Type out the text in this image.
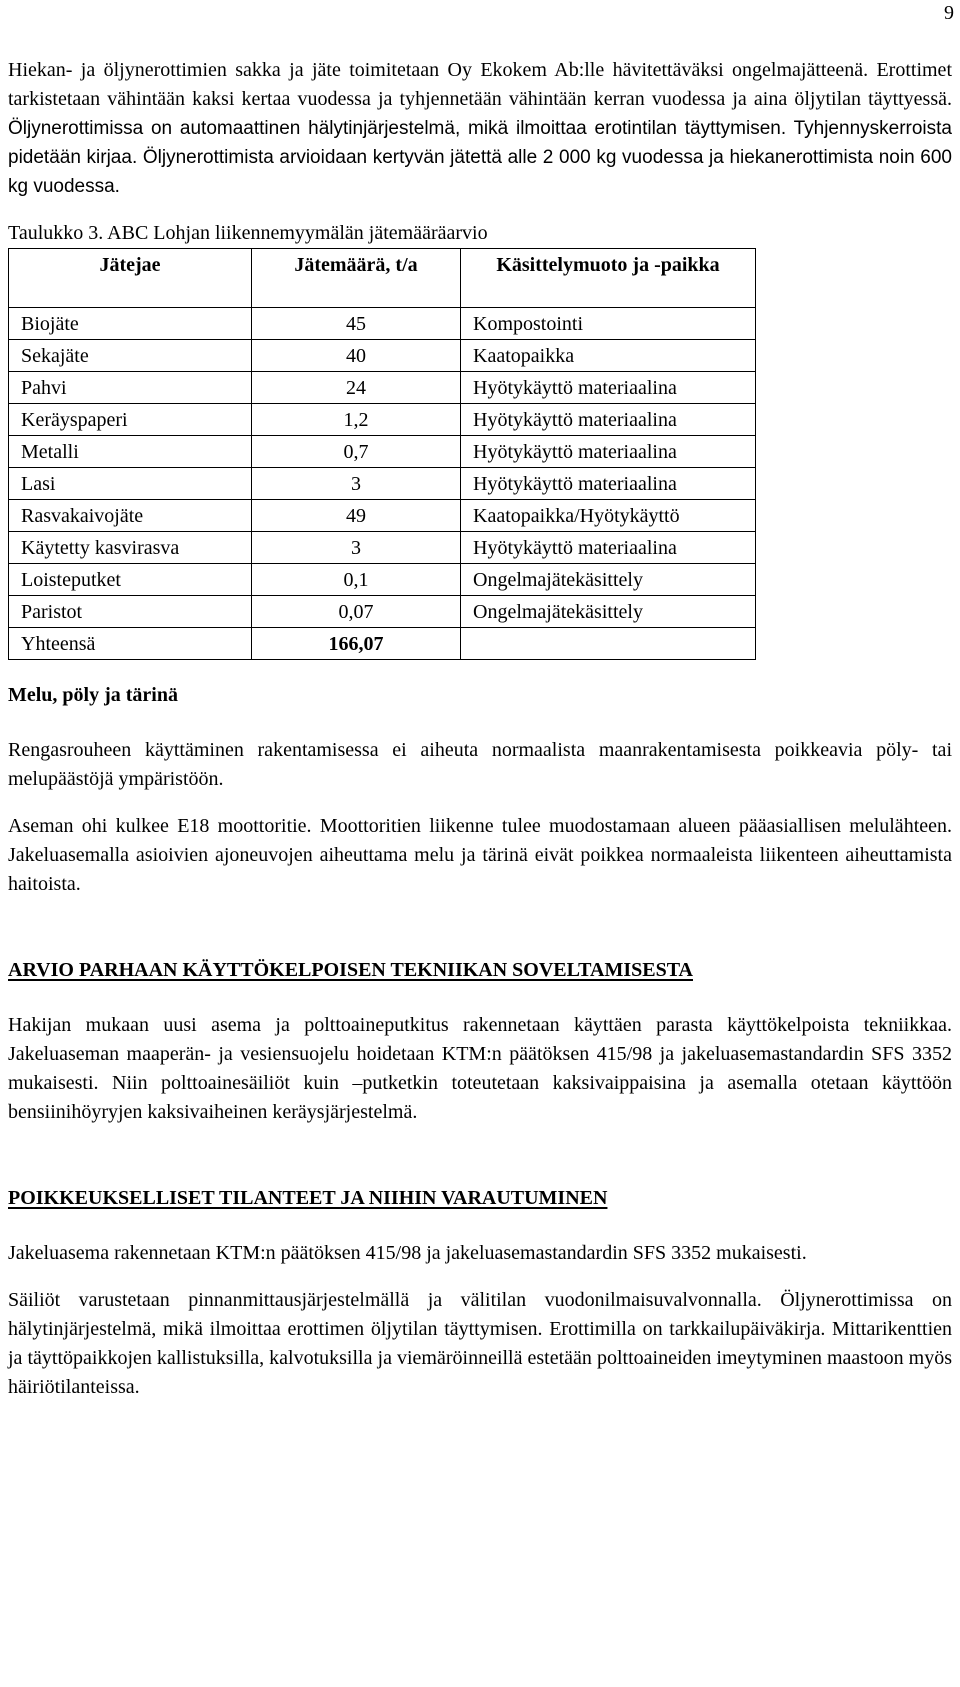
9

Hiekan- ja öljynerottimien sakka ja jäte toimitetaan Oy Ekokem Ab:lle hävitettäväksi ongelmajätteenä. Erottimet tarkistetaan vähintään kaksi kertaa vuodessa ja tyhjennetään vähintään kerran vuodessa ja aina öljytilan täyttyessä. Öljynerottimissa on automaattinen hälytinjärjestelmä, mikä ilmoittaa erotintilan täyttymisen. Tyhjennyskerroista pidetään kirjaa. Öljynerottimista arvioidaan kertyvän jätettä alle 2 000 kg vuodessa ja hiekanerottimista noin 600 kg vuodessa.

Taulukko 3. ABC Lohjan liikennemyymälän jätemääräarvio
Jätejae	Jätemäärä, t/a	Käsittelymuoto ja -paikka
Biojäte	45	Kompostointi
Sekajäte	40	Kaatopaikka
Pahvi	24	Hyötykäyttö materiaalina
Keräyspaperi	1,2	Hyötykäyttö materiaalina
Metalli	0,7	Hyötykäyttö materiaalina
Lasi	3	Hyötykäyttö materiaalina
Rasvakaivojäte	49	Kaatopaikka/Hyötykäyttö
Käytetty kasvirasva	3	Hyötykäyttö materiaalina
Loisteputket	0,1	Ongelmajätekäsittely
Paristot	0,07	Ongelmajätekäsittely
Yhteensä	166,07	
Melu, pöly ja tärinä

Rengasrouheen käyttäminen rakentamisessa ei aiheuta normaalista maanrakentamisesta poikkeavia pöly- tai melupäästöjä ympäristöön.

Aseman ohi kulkee E18 moottoritie. Moottoritien liikenne tulee muodostamaan alueen pääasiallisen melulähteen. Jakeluasemalla asioivien ajoneuvojen aiheuttama melu ja tärinä eivät poikkea normaaleista liikenteen aiheuttamista haitoista.

ARVIO PARHAAN KÄYTTÖKELPOISEN TEKNIIKAN SOVELTAMISESTA

Hakijan mukaan uusi asema ja polttoaineputkitus rakennetaan käyttäen parasta käyttökelpoista tekniikkaa. Jakeluaseman maaperän- ja vesiensuojelu hoidetaan KTM:n päätöksen 415/98 ja jakeluasemastandardin SFS 3352 mukaisesti. Niin polttoainesäiliöt kuin –putketkin toteutetaan kaksivaippaisina ja asemalla otetaan käyttöön bensiinihöyryjen kaksivaiheinen keräysjärjestelmä.

POIKKEUKSELLISET TILANTEET JA NIIHIN VARAUTUMINEN

Jakeluasema rakennetaan KTM:n päätöksen 415/98 ja jakeluasemastandardin SFS 3352 mukaisesti.

Säiliöt varustetaan pinnanmittausjärjestelmällä ja välitilan vuodonilmaisuvalvonnalla. Öljynerottimissa on hälytinjärjestelmä, mikä ilmoittaa erottimen öljytilan täyttymisen. Erottimilla on tarkkailupäiväkirja. Mittarikenttien ja täyttöpaikkojen kallistuksilla, kalvotuksilla ja viemäröinneillä estetään polttoaineiden imeytyminen maastoon myös häiriötilanteissa.
